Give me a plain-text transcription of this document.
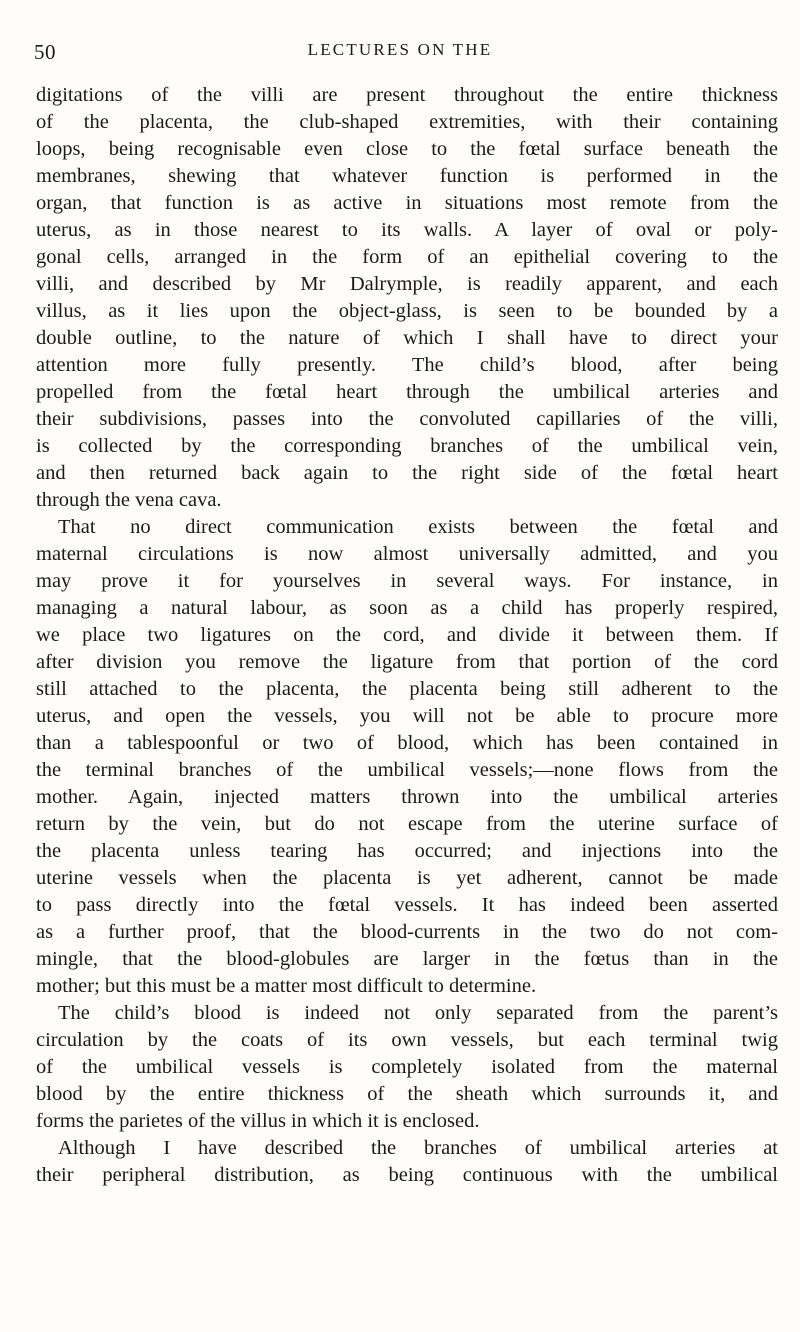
50	LECTURES ON THE
digitations of the villi are present throughout the entire thickness
of the placenta, the club-shaped extremities, with their containing
loops, being recognisable even close to the fœtal surface beneath the
membranes, shewing that whatever function is performed in the
organ, that function is as active in situations most remote from the
uterus, as in those nearest to its walls. A layer of oval or poly-
gonal cells, arranged in the form of an epithelial covering to the
villi, and described by Mr Dalrymple, is readily apparent, and each
villus, as it lies upon the object-glass, is seen to be bounded by a
double outline, to the nature of which I shall have to direct your
attention more fully presently. The child’s blood, after being
propelled from the fœtal heart through the umbilical arteries and
their subdivisions, passes into the convoluted capillaries of the villi,
is collected by the corresponding branches of the umbilical vein,
and then returned back again to the right side of the fœtal heart
through the vena cava.
That no direct communication exists between the fœtal and
maternal circulations is now almost universally admitted, and you
may prove it for yourselves in several ways. For instance, in
managing a natural labour, as soon as a child has properly respired,
we place two ligatures on the cord, and divide it between them. If
after division you remove the ligature from that portion of the cord
still attached to the placenta, the placenta being still adherent to the
uterus, and open the vessels, you will not be able to procure more
than a tablespoonful or two of blood, which has been contained in
the terminal branches of the umbilical vessels;—none flows from the
mother. Again, injected matters thrown into the umbilical arteries
return by the vein, but do not escape from the uterine surface of
the placenta unless tearing has occurred; and injections into the
uterine vessels when the placenta is yet adherent, cannot be made
to pass directly into the fœtal vessels. It has indeed been asserted
as a further proof, that the blood-currents in the two do not com-
mingle, that the blood-globules are larger in the fœtus than in the
mother; but this must be a matter most difficult to determine.
The child’s blood is indeed not only separated from the parent’s
circulation by the coats of its own vessels, but each terminal twig
of the umbilical vessels is completely isolated from the maternal
blood by the entire thickness of the sheath which surrounds it, and
forms the parietes of the villus in which it is enclosed.
Although I have described the branches of umbilical arteries at
their peripheral distribution, as being continuous with the umbilical
